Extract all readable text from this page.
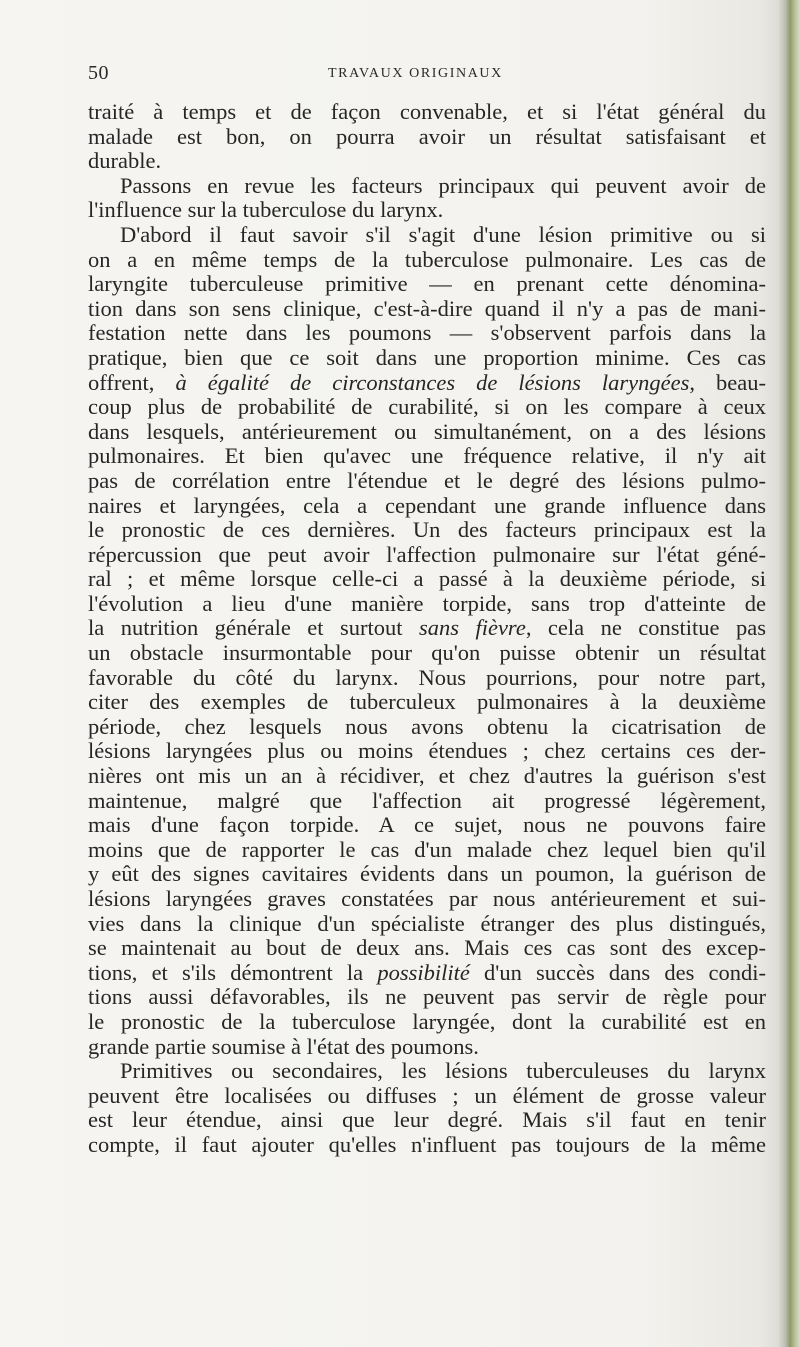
50	TRAVAUX ORIGINAUX
traité à temps et de façon convenable, et si l'état général du
malade est bon, on pourra avoir un résultat satisfaisant et
durable.
Passons en revue les facteurs principaux qui peuvent avoir de
l'influence sur la tuberculose du larynx.
D'abord il faut savoir s'il s'agit d'une lésion primitive ou si
on a en même temps de la tuberculose pulmonaire. Les cas de
laryngite tuberculeuse primitive — en prenant cette dénomina-
tion dans son sens clinique, c'est-à-dire quand il n'y a pas de mani-
festation nette dans les poumons — s'observent parfois dans la
pratique, bien que ce soit dans une proportion minime. Ces cas
offrent, à égalité de circonstances de lésions laryngées, beau-
coup plus de probabilité de curabilité, si on les compare à ceux
dans lesquels, antérieurement ou simultanément, on a des lésions
pulmonaires. Et bien qu'avec une fréquence relative, il n'y ait
pas de corrélation entre l'étendue et le degré des lésions pulmo-
naires et laryngées, cela a cependant une grande influence dans
le pronostic de ces dernières. Un des facteurs principaux est la
répercussion que peut avoir l'affection pulmonaire sur l'état géné-
ral ; et même lorsque celle-ci a passé à la deuxième période, si
l'évolution a lieu d'une manière torpide, sans trop d'atteinte de
la nutrition générale et surtout sans fièvre, cela ne constitue pas
un obstacle insurmontable pour qu'on puisse obtenir un résultat
favorable du côté du larynx. Nous pourrions, pour notre part,
citer des exemples de tuberculeux pulmonaires à la deuxième
période, chez lesquels nous avons obtenu la cicatrisation de
lésions laryngées plus ou moins étendues ; chez certains ces der-
nières ont mis un an à récidiver, et chez d'autres la guérison s'est
maintenue, malgré que l'affection ait progressé légèrement,
mais d'une façon torpide. A ce sujet, nous ne pouvons faire
moins que de rapporter le cas d'un malade chez lequel bien qu'il
y eût des signes cavitaires évidents dans un poumon, la guérison de
lésions laryngées graves constatées par nous antérieurement et sui-
vies dans la clinique d'un spécialiste étranger des plus distingués,
se maintenait au bout de deux ans. Mais ces cas sont des excep-
tions, et s'ils démontrent la possibilité d'un succès dans des condi-
tions aussi défavorables, ils ne peuvent pas servir de règle pour
le pronostic de la tuberculose laryngée, dont la curabilité est en
grande partie soumise à l'état des poumons.
Primitives ou secondaires, les lésions tuberculeuses du larynx
peuvent être localisées ou diffuses ; un élément de grosse valeur
est leur étendue, ainsi que leur degré. Mais s'il faut en tenir
compte, il faut ajouter qu'elles n'influent pas toujours de la même
